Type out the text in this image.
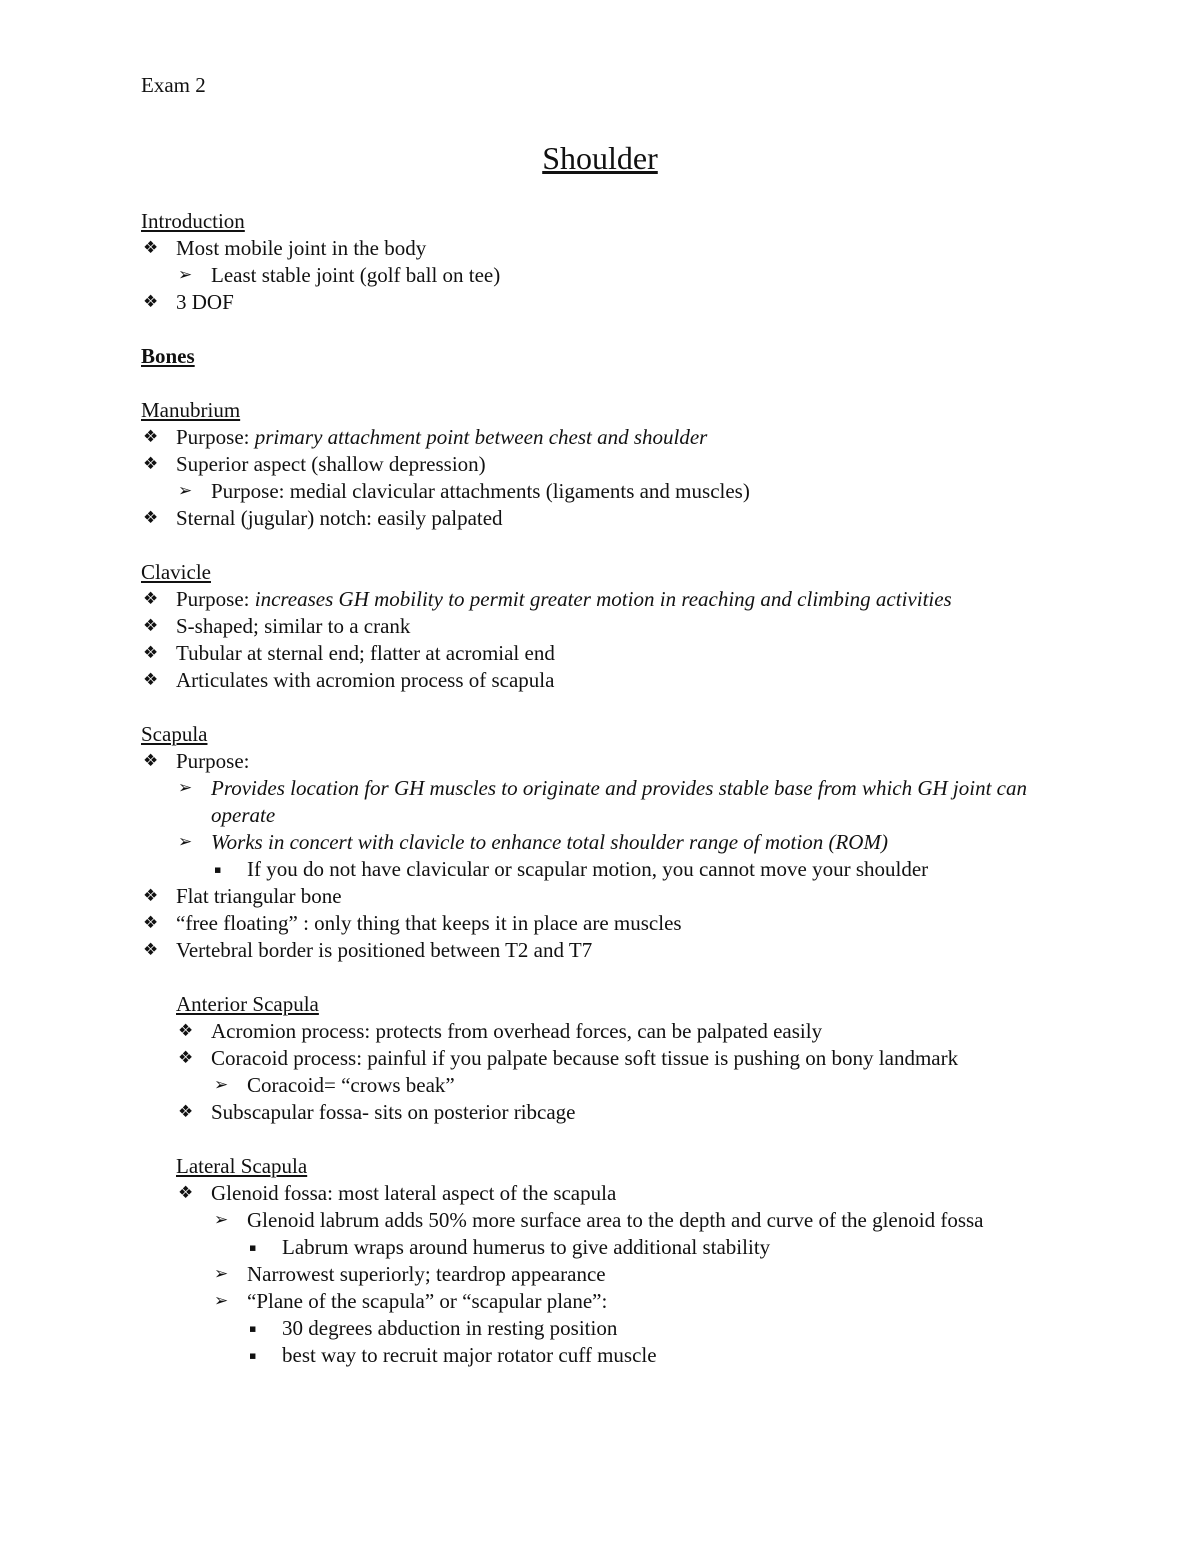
Exam 2
Shoulder
Introduction
❖ Most mobile joint in the body
➢ Least stable joint (golf ball on tee)
❖ 3 DOF
Bones
Manubrium
❖ Purpose: primary attachment point between chest and shoulder
❖ Superior aspect (shallow depression)
➢ Purpose: medial clavicular attachments (ligaments and muscles)
❖ Sternal (jugular) notch: easily palpated
Clavicle
❖ Purpose: increases GH mobility to permit greater motion in reaching and climbing activities
❖ S-shaped; similar to a crank
❖ Tubular at sternal end; flatter at acromial end
❖ Articulates with acromion process of scapula
Scapula
❖ Purpose:
➢ Provides location for GH muscles to originate and provides stable base from which GH joint can operate
➢ Works in concert with clavicle to enhance total shoulder range of motion (ROM)
▪	If you do not have clavicular or scapular motion, you cannot move your shoulder
❖ Flat triangular bone
❖ “free floating” : only thing that keeps it in place are muscles
❖ Vertebral border is positioned between T2 and T7
Anterior Scapula
❖ Acromion process: protects from overhead forces, can be palpated easily
❖ Coracoid process: painful if you palpate because soft tissue is pushing on bony landmark
➢ Coracoid= “crows beak”
❖ Subscapular fossa- sits on posterior ribcage
Lateral Scapula
❖ Glenoid fossa: most lateral aspect of the scapula
➢ Glenoid labrum adds 50% more surface area to the depth and curve of the glenoid fossa
▪	Labrum wraps around humerus to give additional stability
➢ Narrowest superiorly; teardrop appearance
➢ “Plane of the scapula” or “scapular plane”:
▪	30 degrees abduction in resting position
▪	best way to recruit major rotator cuff muscle
